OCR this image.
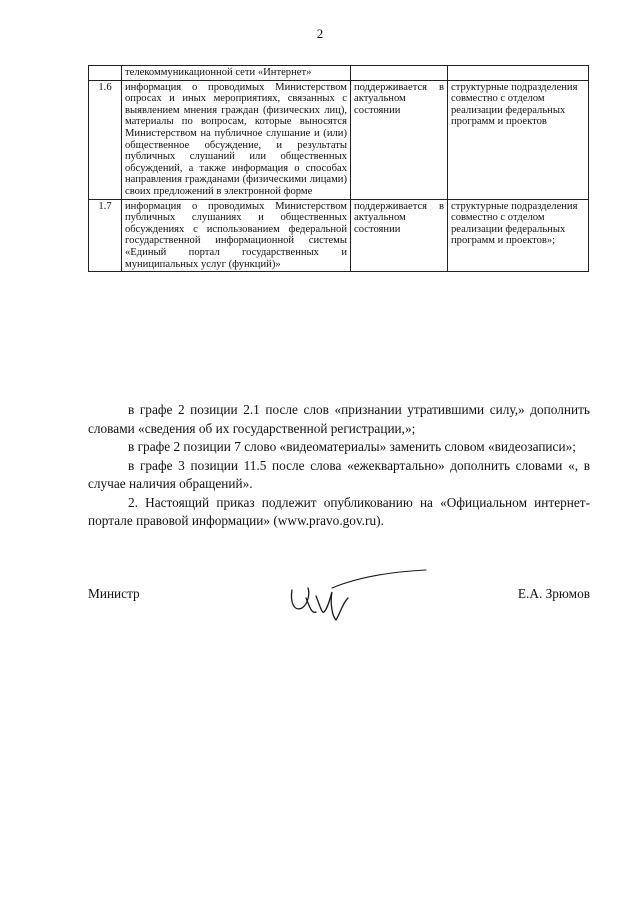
2
	телекоммуникационной сети «Интернет»		
1.6	информация о проводимых Министерством опросах и иных мероприятиях, связанных с выявлением мнения граждан (физических лиц), материалы по вопросам, которые выносятся Министерством на публичное слушание и (или) общественное обсуждение, и результаты публичных слушаний или общественных обсуждений, а также информация о способах направления гражданами (физическими лицами) своих предложений в электронной форме	поддерживается в актуальном состоянии	структурные подразделения совместно с отделом реализации федеральных программ и проектов
1.7	информация о проводимых Министерством публичных слушаниях и общественных обсуждениях с использованием федеральной государственной информационной системы «Единый портал государственных и муниципальных услуг (функций)»	поддерживается в актуальном состоянии	структурные подразделения совместно с отделом реализации федеральных программ и проектов»;

в графе 2 позиции 2.1 после слов «признании утратившими силу,» дополнить словами «сведения об их государственной регистрации,»;

в графе 2 позиции 7 слово «видеоматериалы» заменить словом «видеозаписи»;

в графе 3 позиции 11.5 после слова «ежеквартально» дополнить словами «, в случае наличия обращений».

2. Настоящий приказ подлежит опубликованию на «Официальном интернет-портале правовой информации» (www.pravo.gov.ru).

Министр	Е.А. Зрюмов
